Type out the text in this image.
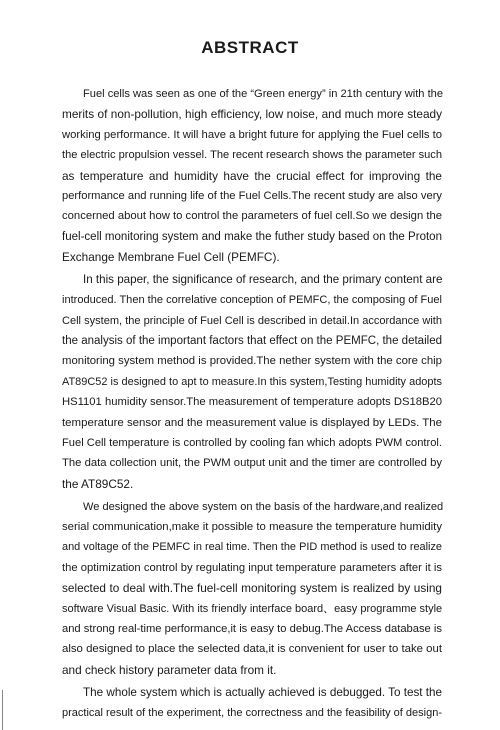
ABSTRACT
Fuel cells was seen as one of the “Green energy” in 21th century with the
merits of non-pollution, high efficiency, low noise, and much more steady
working performance. It will have a bright future for applying the Fuel cells to
the electric propulsion vessel. The recent research shows the parameter such
as temperature and humidity have the crucial effect for improving the
performance and running life of the Fuel Cells.The recent study are also very
concerned about how to control the parameters of fuel cell.So we design the
fuel-cell monitoring system and make the futher study based on the Proton
Exchange Membrane Fuel Cell (PEMFC).
In this paper, the significance of research, and the primary content are
introduced. Then the correlative conception of PEMFC, the composing of Fuel
Cell system, the principle of Fuel Cell is described in detail.In accordance with
the analysis of the important factors that effect on the PEMFC, the detailed
monitoring system method is provided.The nether system with the core chip
AT89C52 is designed to apt to measure.In this system,Testing humidity adopts
HS1101 humidity sensor.The measurement of temperature adopts DS18B20
temperature sensor and the measurement value is displayed by LEDs. The
Fuel Cell temperature is controlled by cooling fan which adopts PWM control.
The data collection unit, the PWM output unit and the timer are controlled by
the AT89C52.
We designed the above system on the basis of the hardware,and realized
serial communication,make it possible to measure the temperature humidity
and voltage of the PEMFC in real time. Then the PID method is used to realize
the optimization control by regulating input temperature parameters after it is
selected to deal with.The fuel-cell monitoring system is realized by using
software Visual Basic. With its friendly interface board、easy programme style
and strong real-time performance,it is easy to debug.The Access database is
also designed to place the selected data,it is convenient for user to take out
and check history parameter data from it.
The whole system which is actually achieved is debugged. To test the
practical result of the experiment, the correctness and the feasibility of design-
